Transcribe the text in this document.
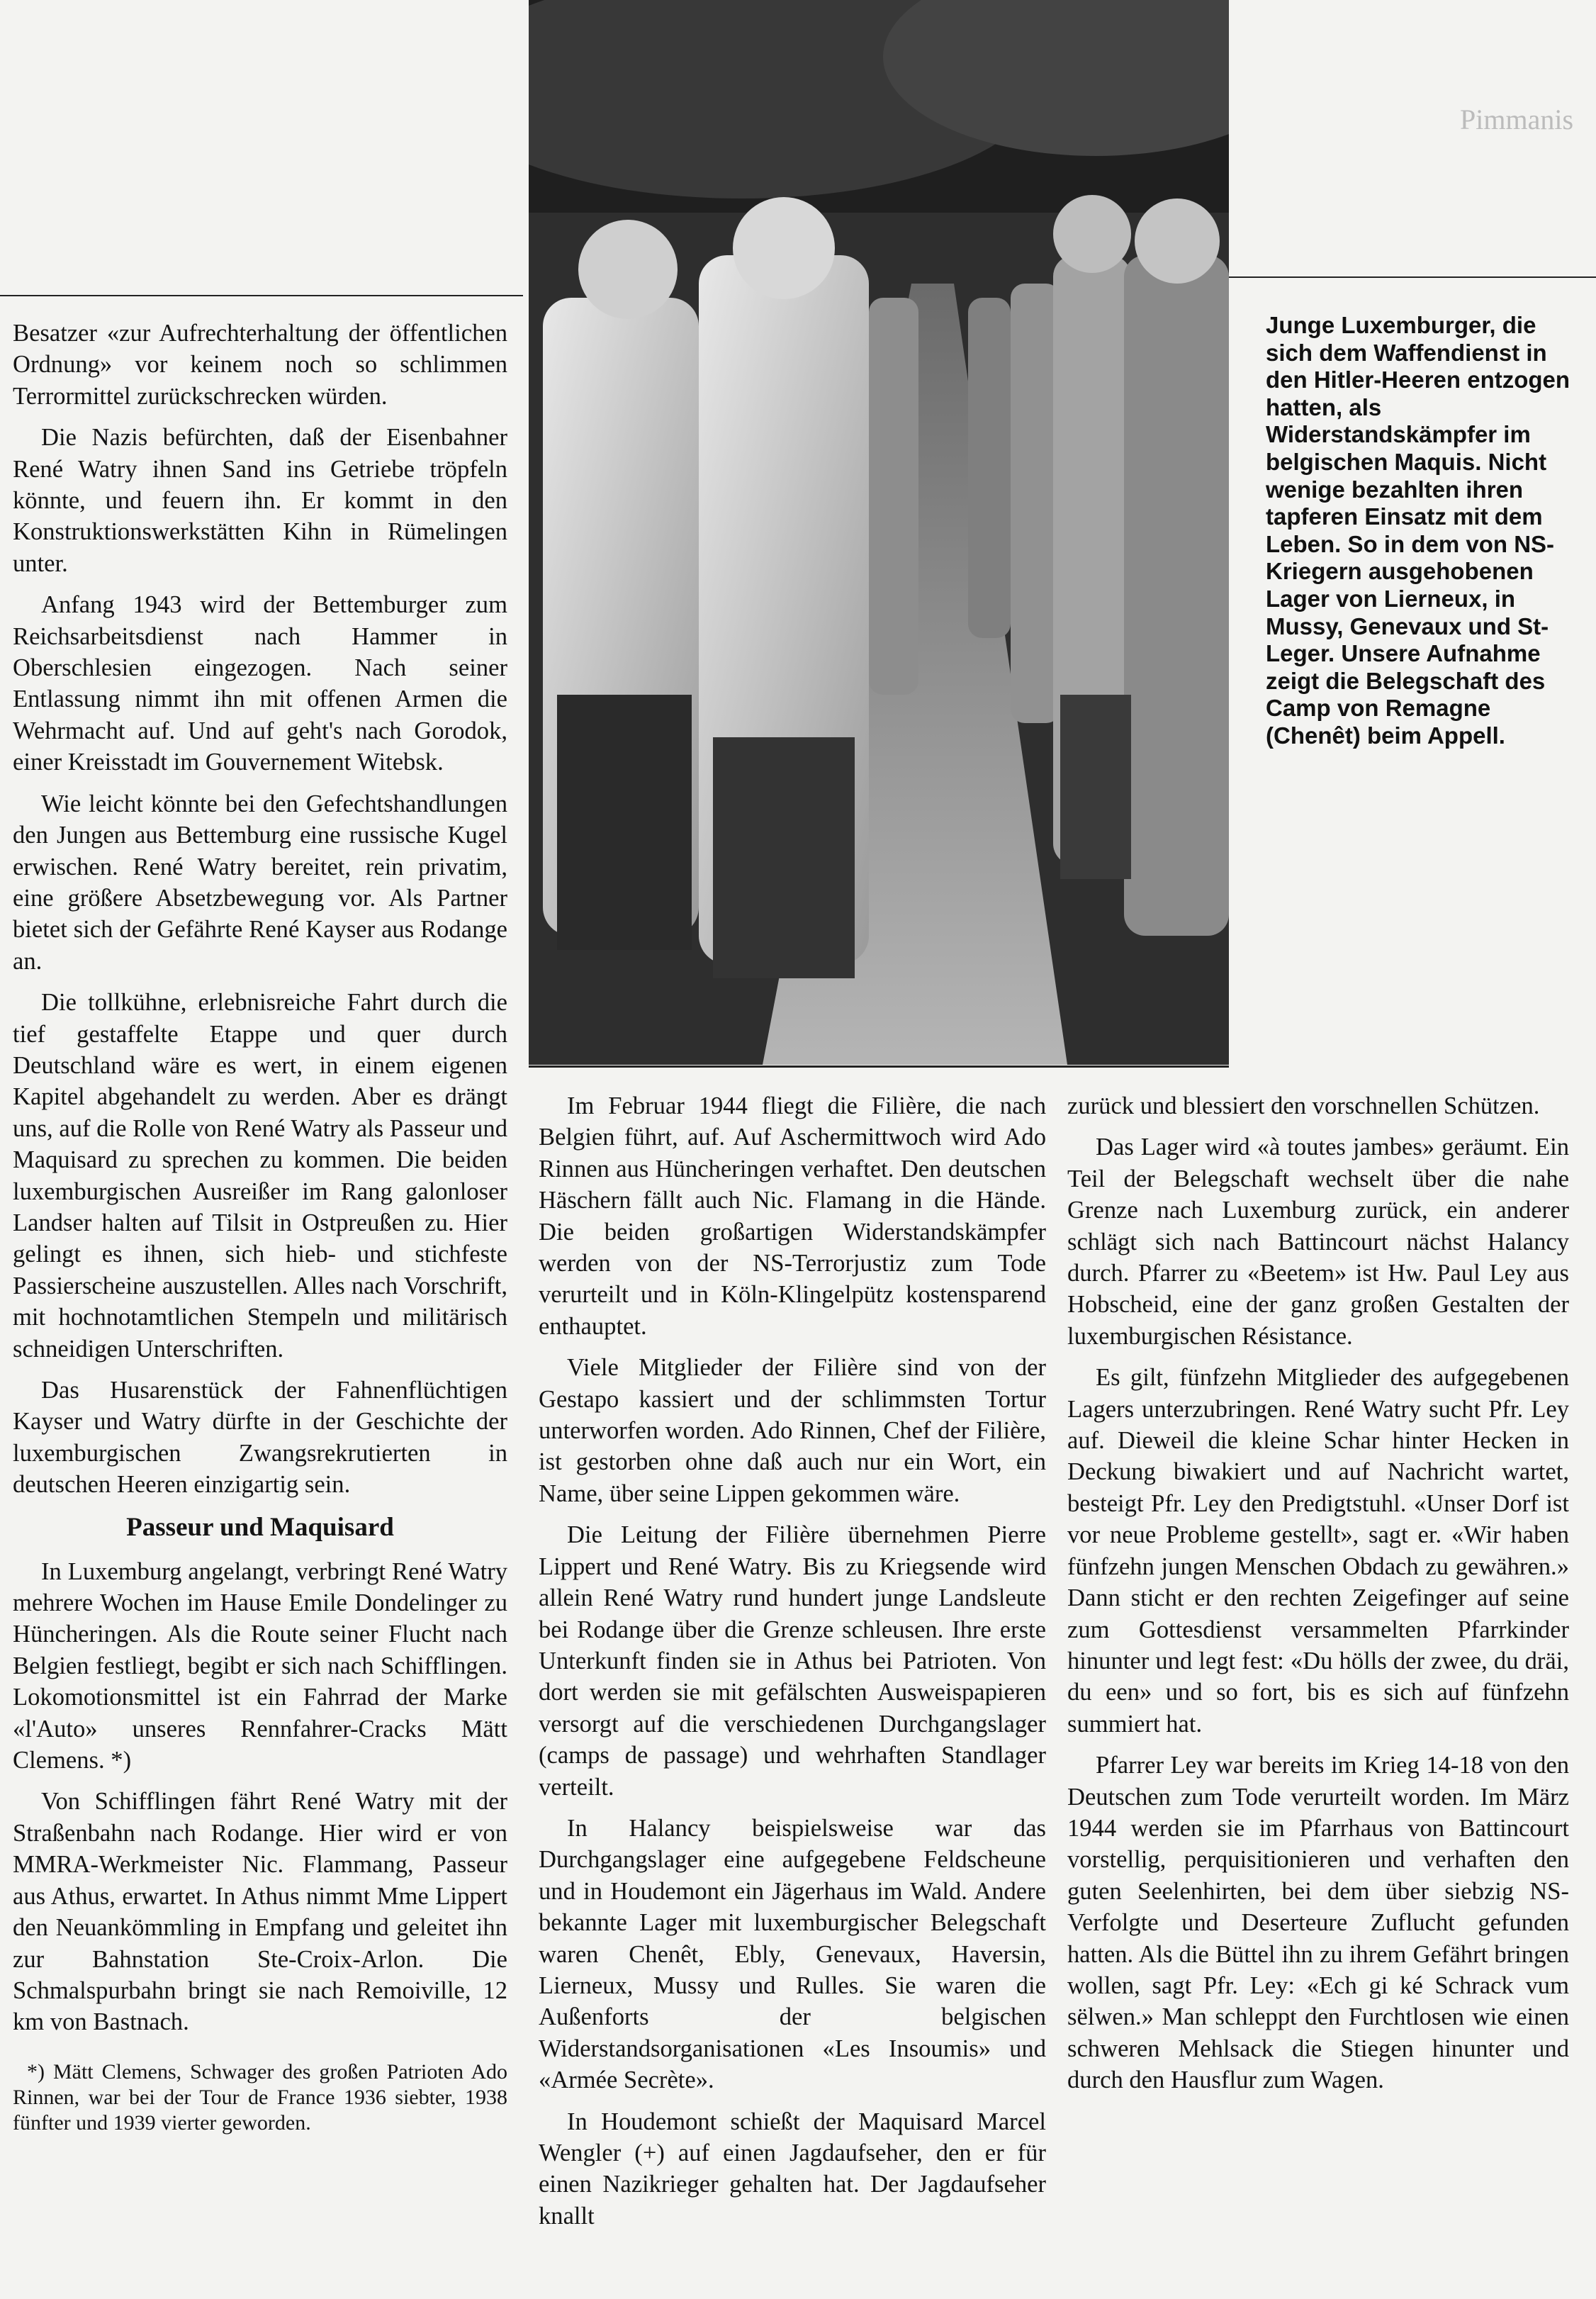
Pimmanis
Junge Luxemburger, die sich dem Waffendienst in den Hitler-Heeren entzogen hatten, als Widerstandskämpfer im belgischen Maquis. Nicht wenige bezahlten ihren tapferen Einsatz mit dem Leben. So in dem von NS-Kriegern ausgehobenen Lager von Lierneux, in Mussy, Genevaux und St-Leger. Unsere Aufnahme zeigt die Belegschaft des Camp von Remagne (Chenêt) beim Appell.

Besatzer «zur Aufrechterhaltung der öffentlichen Ordnung» vor keinem noch so schlimmen Terrormittel zurückschrecken würden.

Die Nazis befürchten, daß der Eisenbahner René Watry ihnen Sand ins Getriebe tröpfeln könnte, und feuern ihn. Er kommt in den Konstruktionswerkstätten Kihn in Rümelingen unter.

Anfang 1943 wird der Bettemburger zum Reichsarbeitsdienst nach Hammer in Oberschlesien eingezogen. Nach seiner Entlassung nimmt ihn mit offenen Armen die Wehrmacht auf. Und auf geht's nach Gorodok, einer Kreisstadt im Gouvernement Witebsk.

Wie leicht könnte bei den Gefechtshandlungen den Jungen aus Bettemburg eine russische Kugel erwischen. René Watry bereitet, rein privatim, eine größere Absetzbewegung vor. Als Partner bietet sich der Gefährte René Kayser aus Rodange an.

Die tollkühne, erlebnisreiche Fahrt durch die tief gestaffelte Etappe und quer durch Deutschland wäre es wert, in einem eigenen Kapitel abgehandelt zu werden. Aber es drängt uns, auf die Rolle von René Watry als Passeur und Maquisard zu sprechen zu kommen. Die beiden luxemburgischen Ausreißer im Rang galonloser Landser halten auf Tilsit in Ostpreußen zu. Hier gelingt es ihnen, sich hieb- und stichfeste Passierscheine auszustellen. Alles nach Vorschrift, mit hochnotamtlichen Stempeln und militärisch schneidigen Unterschriften.

Das Husarenstück der Fahnenflüchtigen Kayser und Watry dürfte in der Geschichte der luxemburgischen Zwangsrekrutierten in deutschen Heeren einzigartig sein.

Passeur und Maquisard

In Luxemburg angelangt, verbringt René Watry mehrere Wochen im Hause Emile Dondelinger zu Hüncheringen. Als die Route seiner Flucht nach Belgien festliegt, begibt er sich nach Schifflingen. Lokomotionsmittel ist ein Fahrrad der Marke «l'Auto» unseres Rennfahrer-Cracks Mätt Clemens. *)

Von Schifflingen fährt René Watry mit der Straßenbahn nach Rodange. Hier wird er von MMRA-Werkmeister Nic. Flammang, Passeur aus Athus, erwartet. In Athus nimmt Mme Lippert den Neuankömmling in Empfang und geleitet ihn zur Bahnstation Ste-Croix-Arlon. Die Schmalspurbahn bringt sie nach Remoiville, 12 km von Bastnach.

*) Mätt Clemens, Schwager des großen Patrioten Ado Rinnen, war bei der Tour de France 1936 siebter, 1938 fünfter und 1939 vierter geworden.

Im Februar 1944 fliegt die Filière, die nach Belgien führt, auf. Auf Aschermittwoch wird Ado Rinnen aus Hüncheringen verhaftet. Den deutschen Häschern fällt auch Nic. Flamang in die Hände. Die beiden großartigen Widerstandskämpfer werden von der NS-Terrorjustiz zum Tode verurteilt und in Köln-Klingelpütz kostensparend enthauptet.

Viele Mitglieder der Filière sind von der Gestapo kassiert und der schlimmsten Tortur unterworfen worden. Ado Rinnen, Chef der Filière, ist gestorben ohne daß auch nur ein Wort, ein Name, über seine Lippen gekommen wäre.

Die Leitung der Filière übernehmen Pierre Lippert und René Watry. Bis zu Kriegsende wird allein René Watry rund hundert junge Landsleute bei Rodange über die Grenze schleusen. Ihre erste Unterkunft finden sie in Athus bei Patrioten. Von dort werden sie mit gefälschten Ausweispapieren versorgt auf die verschiedenen Durchgangslager (camps de passage) und wehrhaften Standlager verteilt.

In Halancy beispielsweise war das Durchgangslager eine aufgegebene Feldscheune und in Houdemont ein Jägerhaus im Wald. Andere bekannte Lager mit luxemburgischer Belegschaft waren Chenêt, Ebly, Genevaux, Haversin, Lierneux, Mussy und Rulles. Sie waren die Außenforts der belgischen Widerstandsorganisationen «Les Insoumis» und «Armée Secrète».

In Houdemont schießt der Maquisard Marcel Wengler (+) auf einen Jagdaufseher, den er für einen Nazikrieger gehalten hat. Der Jagdaufseher knallt

zurück und blessiert den vorschnellen Schützen.

Das Lager wird «à toutes jambes» geräumt. Ein Teil der Belegschaft wechselt über die nahe Grenze nach Luxemburg zurück, ein anderer schlägt sich nach Battincourt nächst Halancy durch. Pfarrer zu «Beetem» ist Hw. Paul Ley aus Hobscheid, eine der ganz großen Gestalten der luxemburgischen Résistance.

Es gilt, fünfzehn Mitglieder des aufgegebenen Lagers unterzubringen. René Watry sucht Pfr. Ley auf. Dieweil die kleine Schar hinter Hecken in Deckung biwakiert und auf Nachricht wartet, besteigt Pfr. Ley den Predigtstuhl. «Unser Dorf ist vor neue Probleme gestellt», sagt er. «Wir haben fünfzehn jungen Menschen Obdach zu gewähren.» Dann sticht er den rechten Zeigefinger auf seine zum Gottesdienst versammelten Pfarrkinder hinunter und legt fest: «Du hölls der zwee, du dräi, du een» und so fort, bis es sich auf fünfzehn summiert hat.

Pfarrer Ley war bereits im Krieg 14-18 von den Deutschen zum Tode verurteilt worden. Im März 1944 werden sie im Pfarrhaus von Battincourt vorstellig, perquisitionieren und verhaften den guten Seelenhirten, bei dem über siebzig NS-Verfolgte und Deserteure Zuflucht gefunden hatten. Als die Büttel ihn zu ihrem Gefährt bringen wollen, sagt Pfr. Ley: «Ech gi ké Schrack vum sëlwen.» Man schleppt den Furchtlosen wie einen schweren Mehlsack die Stiegen hinunter und durch den Hausflur zum Wagen.
